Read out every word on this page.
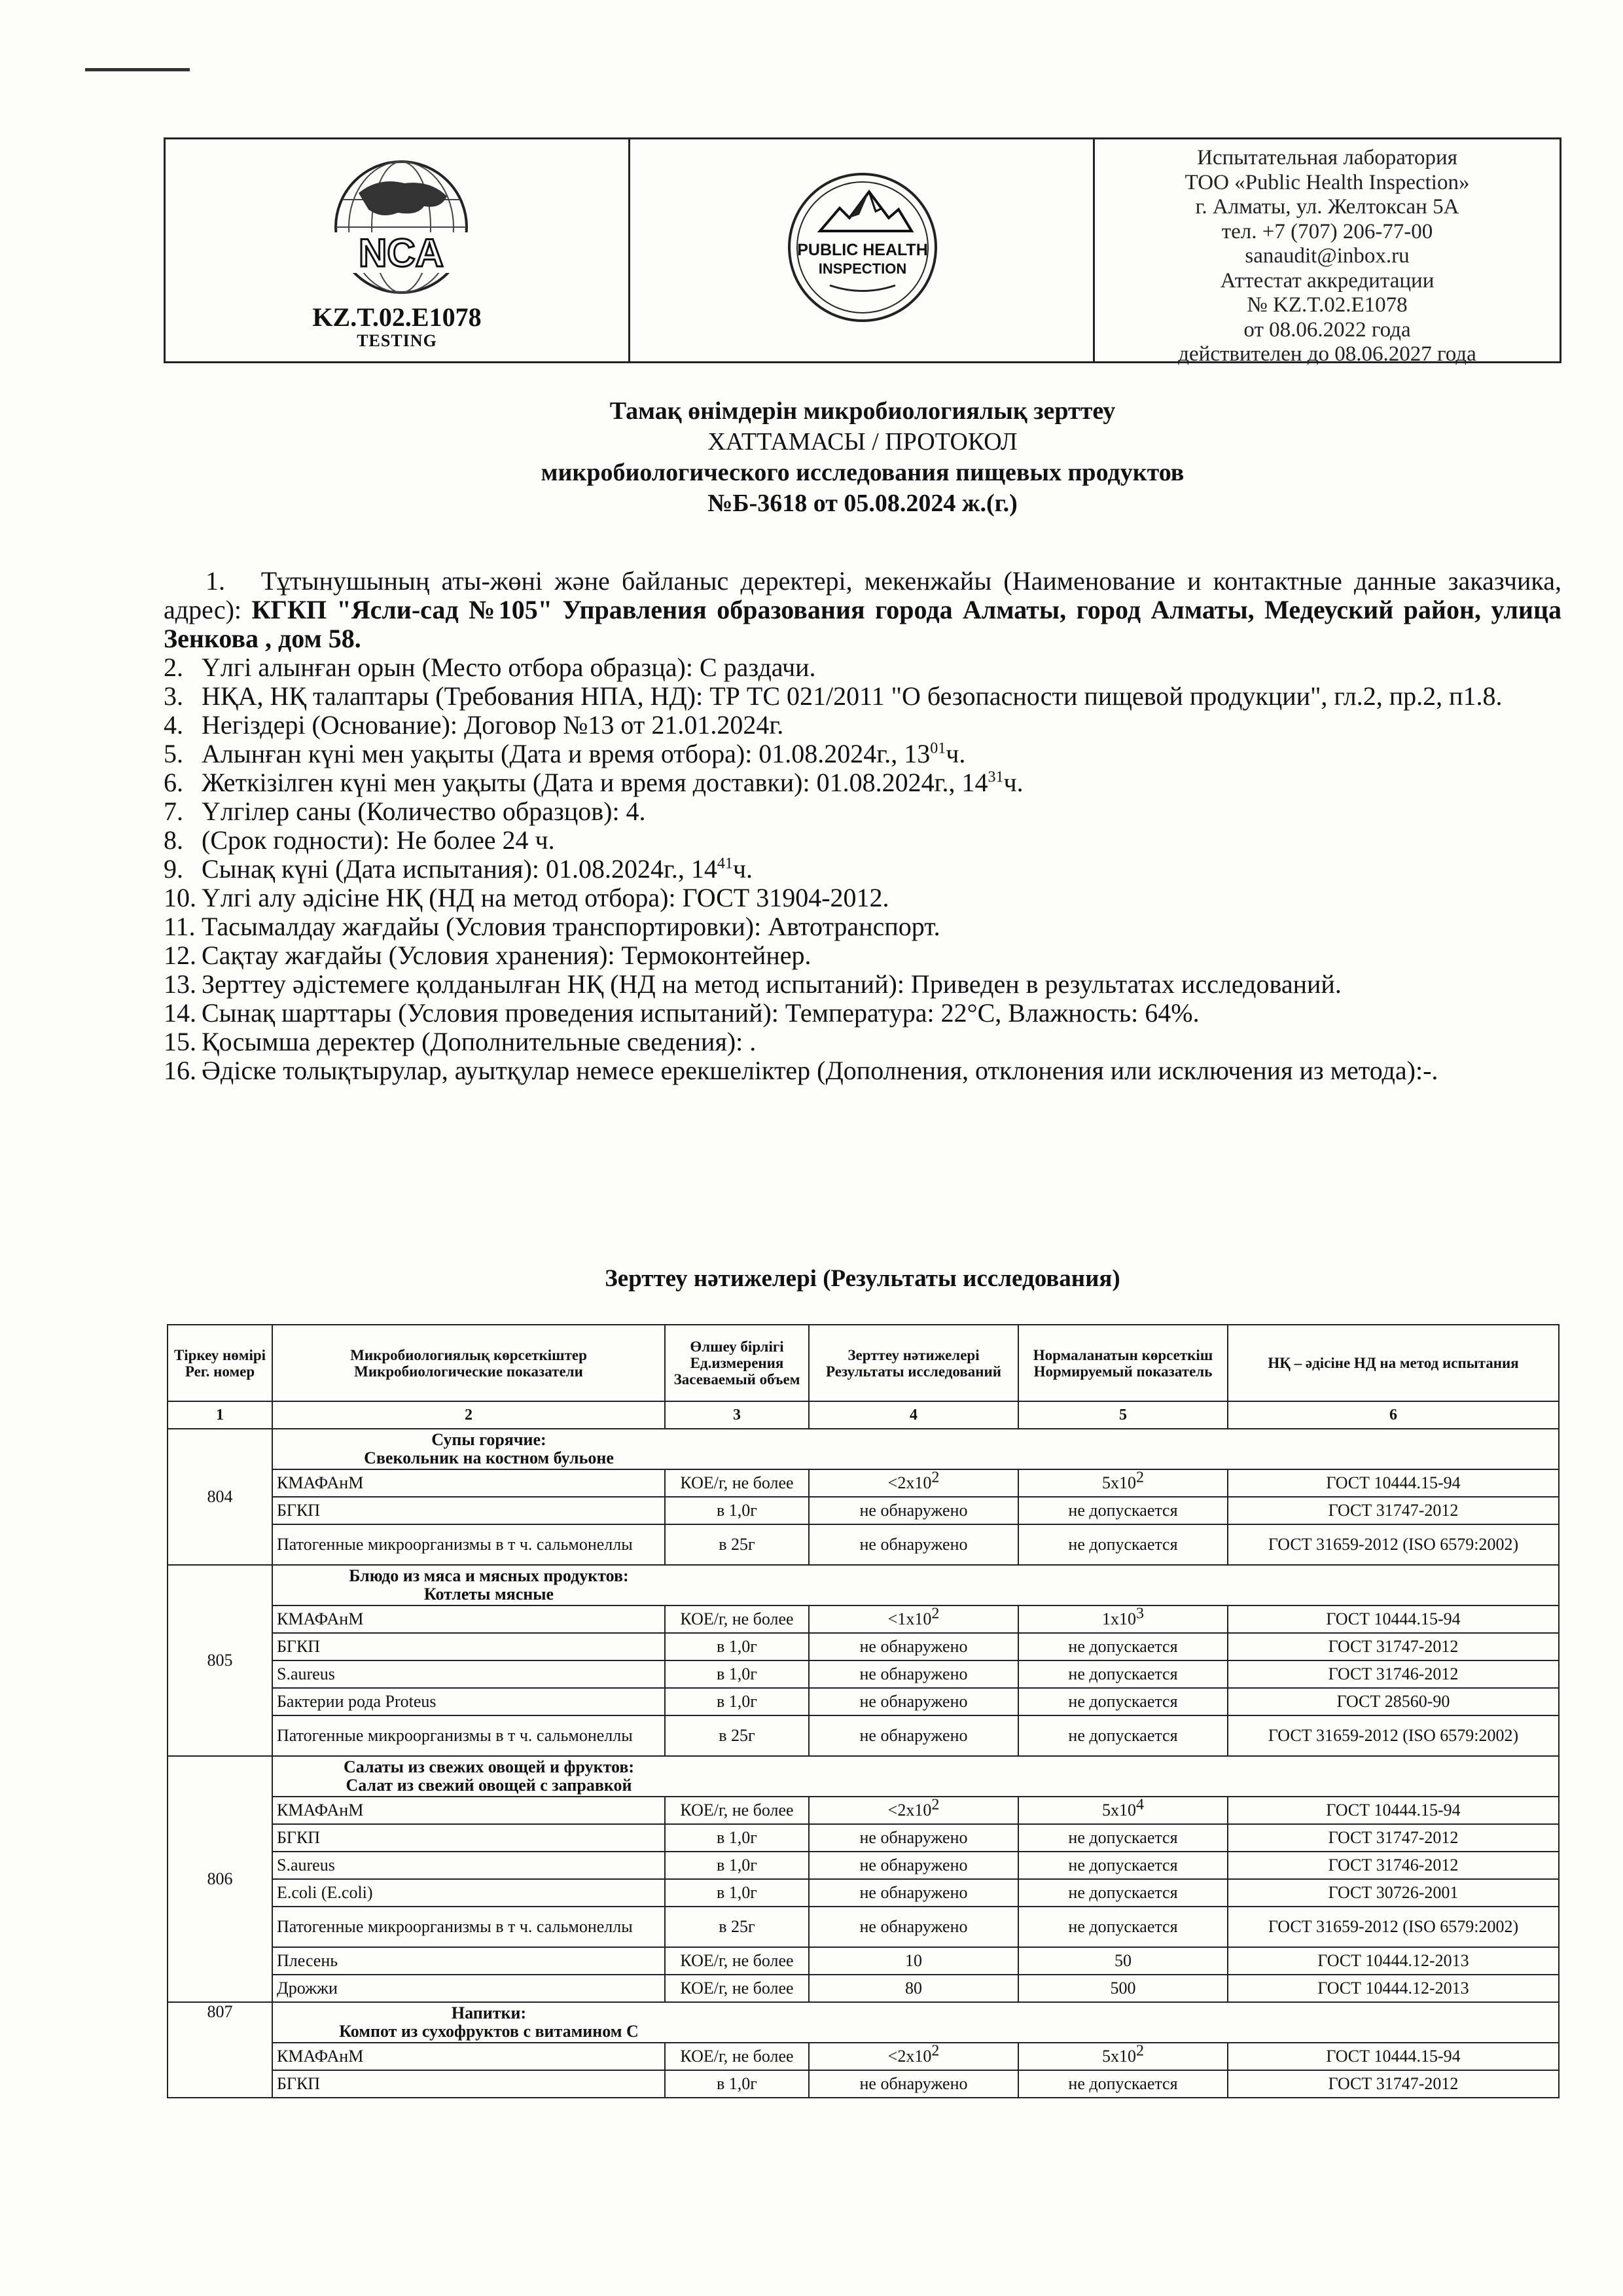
NCA
KZ.T.02.E1078
TESTING
PUBLIC HEALTH
INSPECTION
Испытательная лаборатория
ТОО «Public Health Inspection»
г. Алматы, ул. Желтоксан 5А
тел. +7 (707) 206-77-00
sanaudit@inbox.ru
Аттестат аккредитации
№ KZ.T.02.E1078
от 08.06.2022 года
действителен до 08.06.2027 года
Тамақ өнімдерін микробиологиялық зерттеу
ХАТТАМАСЫ / ПРОТОКОЛ
микробиологического исследования пищевых продуктов
№Б-3618 от 05.08.2024 ж.(г.)
1. Тұтынушының аты-жөні және байланыс деректері, мекенжайы (Наименование и контактные данные заказчика, адрес): КГКП "Ясли-сад №105" Управления образования города Алматы, город Алматы, Медеуский район, улица Зенкова , дом 58.
2. Үлгі алынған орын (Место отбора образца): С раздачи.
3. НҚА, НҚ талаптары (Требования НПА, НД): ТР ТС 021/2011 "О безопасности пищевой продукции", гл.2, пр.2, п1.8.
4. Негіздері (Основание): Договор №13 от 21.01.2024г.
5. Алынған күні мен уақыты (Дата и время отбора): 01.08.2024г., $13^{01}ч$.
6. Жеткізілген күні мен уақыты (Дата и время доставки): 01.08.2024г., $14^{31}ч$.
7. Үлгілер саны (Количество образцов): 4.
8. (Срок годности): Не более 24 ч.
9. Сынақ күні (Дата испытания): 01.08.2024г., $14^{41}ч$.
10. Үлгі алу әдісіне НҚ (НД на метод отбора): ГОСТ 31904-2012.
11. Тасымалдау жағдайы (Условия транспортировки): Автотранспорт.
12. Сақтау жағдайы (Условия хранения): Термоконтейнер.
13. Зерттеу әдістемеге қолданылған НҚ (НД на метод испытаний): Приведен в результатах исследований.
14. Сынақ шарттары (Условия проведения испытаний): Температура: 22°С, Влажность: 64%.
15. Қосымша деректер (Дополнительные сведения): .
16. Әдіске толықтырулар, ауытқулар немесе ерекшеліктер (Дополнения, отклонения или исключения из метода):-.
Зерттеу нәтижелері (Результаты исследования)
Тіркеу нөмірі Рег. номер	Микробиологиялық көрсеткіштер Микробиологические показатели	Өлшеу бірлігі Ед.измерения Засеваемый объем	Зерттеу нәтижелері Результаты исследований	Нормаланатын көрсеткіш Нормируемый показатель	НҚ – әдісіне НД на метод испытания
1	2	3	4	5	6
804	Супы горячие:
Свекольник на костном бульоне				

	КМАФАнМ	КОЕ/г, не более	$<2x10^2$	$5x10^2$	ГОСТ 10444.15-94
	БГКП	в 1,0г	не обнаружено	не допускается	ГОСТ 31747-2012
	Патогенные микроорганизмы в т ч. сальмонеллы	в 25г	не обнаружено	не допускается	ГОСТ 31659-2012 (ISO 6579:2002)
805	Блюдо из мяса и мясных продуктов:
Котлеты мясные				

	КМАФАнМ	КОЕ/г, не более	$<1x10^2$	$1x10^3$	ГОСТ 10444.15-94
	БГКП	в 1,0г	не обнаружено	не допускается	ГОСТ 31747-2012
	S.aureus	в 1,0г	не обнаружено	не допускается	ГОСТ 31746-2012
	Бактерии рода Proteus	в 1,0г	не обнаружено	не допускается	ГОСТ 28560-90
	Патогенные микроорганизмы в т ч. сальмонеллы	в 25г	не обнаружено	не допускается	ГОСТ 31659-2012 (ISO 6579:2002)
806	Салаты из свежих овощей и фруктов:
Салат из свежий овощей с заправкой				

	КМАФАнМ	КОЕ/г, не более	$<2x10^2$	$5x10^4$	ГОСТ 10444.15-94
	БГКП	в 1,0г	не обнаружено	не допускается	ГОСТ 31747-2012
	S.aureus	в 1,0г	не обнаружено	не допускается	ГОСТ 31746-2012
	E.coli (E.coli)	в 1,0г	не обнаружено	не допускается	ГОСТ 30726-2001
	Патогенные микроорганизмы в т ч. сальмонеллы	в 25г	не обнаружено	не допускается	ГОСТ 31659-2012 (ISO 6579:2002)
	Плесень	КОЕ/г, не более	10	50	ГОСТ 10444.12-2013
	Дрожжи	КОЕ/г, не более	80	500	ГОСТ 10444.12-2013
807	Напитки:
Компот из сухофруктов с витамином С				

	КМАФАнМ	КОЕ/г, не более	$<2x10^2$	$5x10^2$	ГОСТ 10444.15-94
	БГКП	в 1,0г	не обнаружено	не допускается	ГОСТ 31747-2012
